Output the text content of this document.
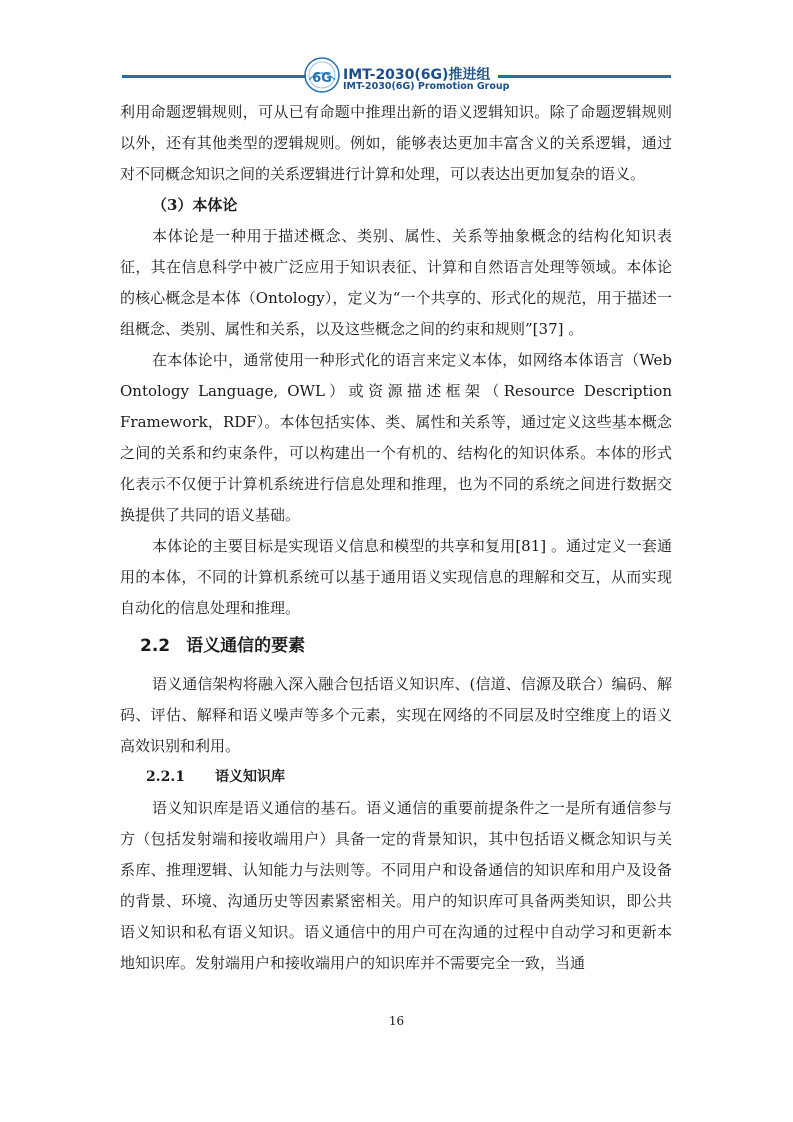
6G IMT-2030(6G)推进组
IMT-2030(6G) Promotion Group

利用命题逻辑规则，可从已有命题中推理出新的语义逻辑知识。除了命题逻辑规则以外，还有其他类型的逻辑规则。例如，能够表达更加丰富含义的关系逻辑，通过对不同概念知识之间的关系逻辑进行计算和处理，可以表达出更加复杂的语义。

（3）本体论

本体论是一种用于描述概念、类别、属性、关系等抽象概念的结构化知识表征，其在信息科学中被广泛应用于知识表征、计算和自然语言处理等领域。本体论的核心概念是本体（Ontology），定义为“一个共享的、形式化的规范，用于描述一组概念、类别、属性和关系，以及这些概念之间的约束和规则”[37] 。

在本体论中，通常使用一种形式化的语言来定义本体，如网络本体语言（Web Ontology Language, OWL）或资源描述框架（Resource Description Framework，RDF）。本体包括实体、类、属性和关系等，通过定义这些基本概念之间的关系和约束条件，可以构建出一个有机的、结构化的知识体系。本体的形式化表示不仅便于计算机系统进行信息处理和推理，也为不同的系统之间进行数据交换提供了共同的语义基础。

本体论的主要目标是实现语义信息和模型的共享和复用[81] 。通过定义一套通用的本体，不同的计算机系统可以基于通用语义实现信息的理解和交互，从而实现自动化的信息处理和推理。

2.2 语义通信的要素

语义通信架构将融入深入融合包括语义知识库、(信道、信源及联合）编码、解码、评估、解释和语义噪声等多个元素，实现在网络的不同层及时空维度上的语义高效识别和利用。

2.2.1 语义知识库

语义知识库是语义通信的基石。语义通信的重要前提条件之一是所有通信参与方（包括发射端和接收端用户）具备一定的背景知识，其中包括语义概念知识与关系库、推理逻辑、认知能力与法则等。不同用户和设备通信的知识库和用户及设备的背景、环境、沟通历史等因素紧密相关。用户的知识库可具备两类知识，即公共语义知识和私有语义知识。语义通信中的用户可在沟通的过程中自动学习和更新本地知识库。发射端用户和接收端用户的知识库并不需要完全一致，当通

16
